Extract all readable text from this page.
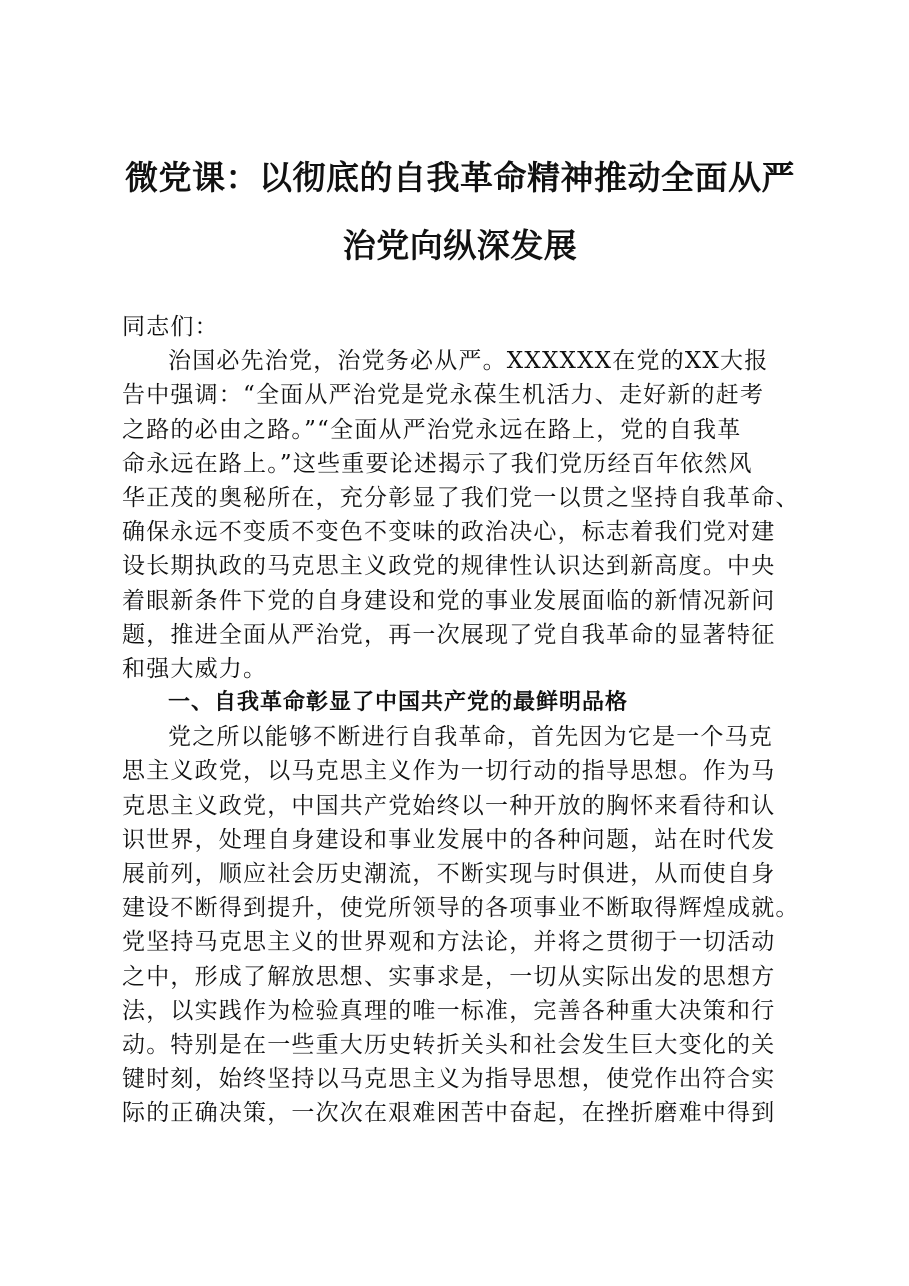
微党课：以彻底的自我革命精神推动全面从严
治党向纵深发展
同志们：
治国必先治党，治党务必从严。XXXXXX在党的XX大报
告中强调：“全面从严治党是党永葆生机活力、走好新的赶考
之路的必由之路。”“全面从严治党永远在路上，党的自我革
命永远在路上。”这些重要论述揭示了我们党历经百年依然风
华正茂的奥秘所在，充分彰显了我们党一以贯之坚持自我革命、
确保永远不变质不变色不变味的政治决心，标志着我们党对建
设长期执政的马克思主义政党的规律性认识达到新高度。中央
着眼新条件下党的自身建设和党的事业发展面临的新情况新问
题，推进全面从严治党，再一次展现了党自我革命的显著特征
和强大威力。
一、自我革命彰显了中国共产党的最鲜明品格
党之所以能够不断进行自我革命，首先因为它是一个马克
思主义政党，以马克思主义作为一切行动的指导思想。作为马
克思主义政党，中国共产党始终以一种开放的胸怀来看待和认
识世界，处理自身建设和事业发展中的各种问题，站在时代发
展前列，顺应社会历史潮流，不断实现与时俱进，从而使自身
建设不断得到提升，使党所领导的各项事业不断取得辉煌成就。
党坚持马克思主义的世界观和方法论，并将之贯彻于一切活动
之中，形成了解放思想、实事求是，一切从实际出发的思想方
法，以实践作为检验真理的唯一标准，完善各种重大决策和行
动。特别是在一些重大历史转折关头和社会发生巨大变化的关
键时刻，始终坚持以马克思主义为指导思想，使党作出符合实
际的正确决策，一次次在艰难困苦中奋起，在挫折磨难中得到
